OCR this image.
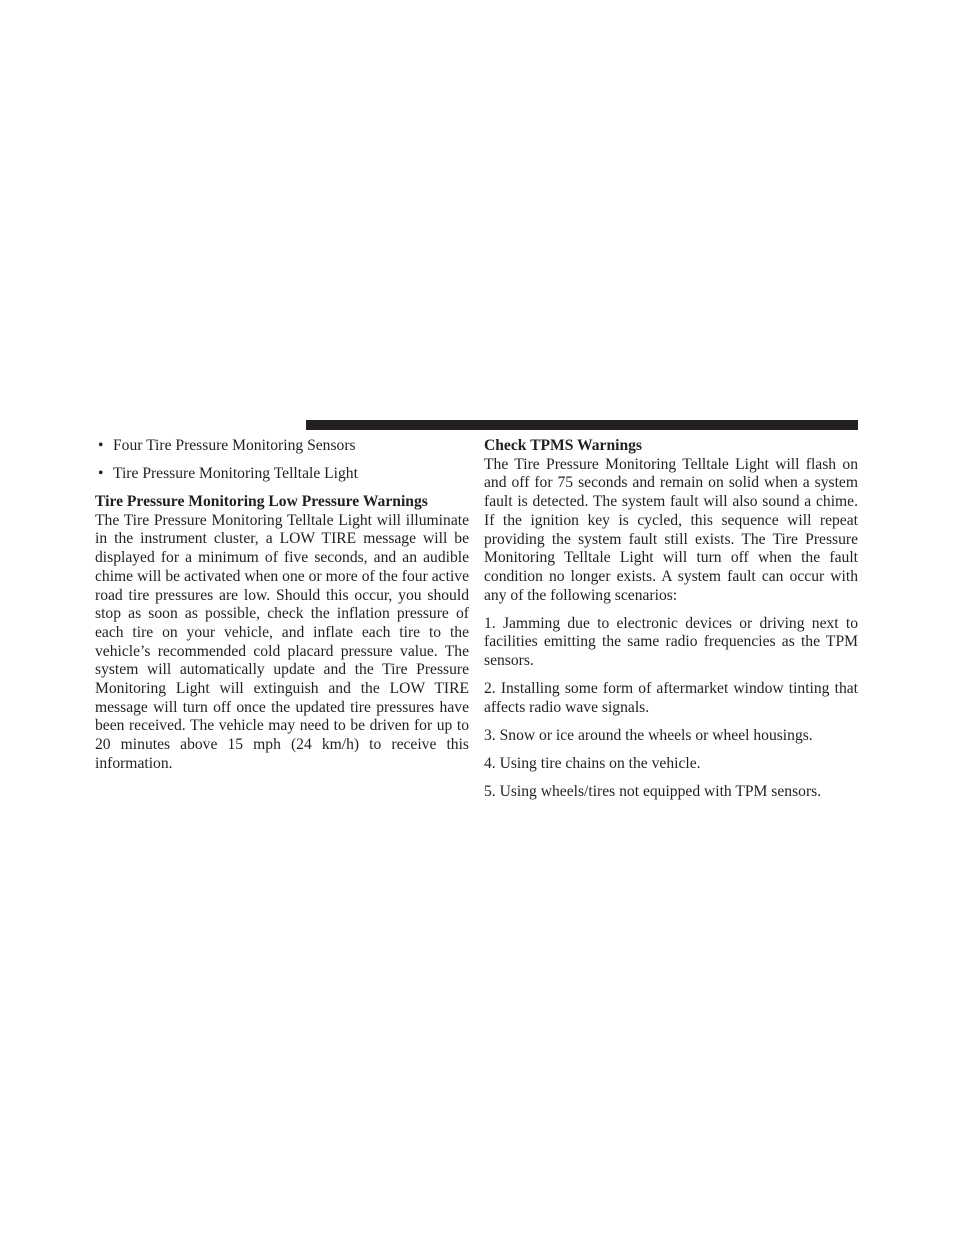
• Four Tire Pressure Monitoring Sensors
• Tire Pressure Monitoring Telltale Light

Tire Pressure Monitoring Low Pressure Warnings

The Tire Pressure Monitoring Telltale Light will illuminate in the instrument cluster, a LOW TIRE message will be displayed for a minimum of five seconds, and an audible chime will be activated when one or more of the four active road tire pressures are low. Should this occur, you should stop as soon as possible, check the inflation pressure of each tire on your vehicle, and inflate each tire to the vehicle’s recommended cold placard pressure value. The system will automatically update and the Tire Pressure Monitoring Light will extinguish and the LOW TIRE message will turn off once the updated tire pressures have been received. The vehicle may need to be driven for up to 20 minutes above 15 mph (24 km/h) to receive this information.

Check TPMS Warnings

The Tire Pressure Monitoring Telltale Light will flash on and off for 75 seconds and remain on solid when a system fault is detected. The system fault will also sound a chime. If the ignition key is cycled, this sequence will repeat providing the system fault still exists. The Tire Pressure Monitoring Telltale Light will turn off when the fault condition no longer exists. A system fault can occur with any of the following scenarios:

1. Jamming due to electronic devices or driving next to facilities emitting the same radio frequencies as the TPM sensors.

2. Installing some form of aftermarket window tinting that affects radio wave signals.

3. Snow or ice around the wheels or wheel housings.

4. Using tire chains on the vehicle.

5. Using wheels/tires not equipped with TPM sensors.
